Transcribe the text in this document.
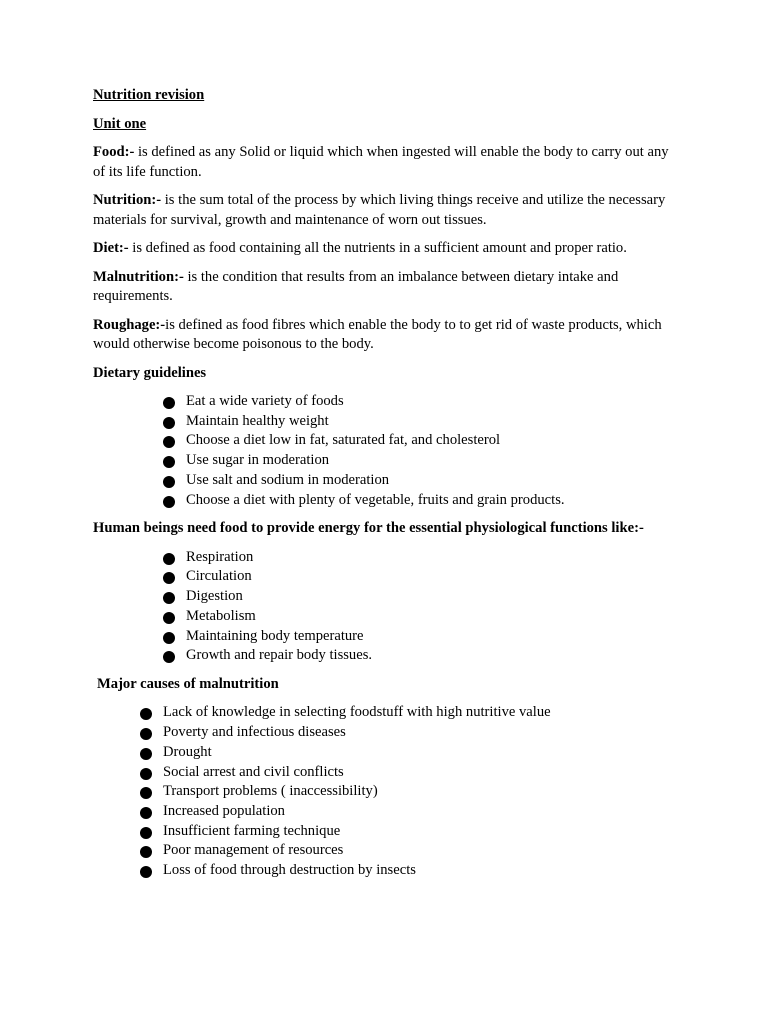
Nutrition revision
Unit one

Food:- is defined as any Solid or liquid which when ingested will enable the body to carry out any of its life function.

Nutrition:- is the sum total of the process by which living things receive and utilize the necessary materials for survival, growth and maintenance of worn out tissues.

Diet:- is defined as food containing all the nutrients in a sufficient amount and proper ratio.

Malnutrition:- is the condition that results from an imbalance between dietary intake and requirements.

Roughage:-is defined as food fibres which enable the body to to get rid of waste products, which would otherwise become poisonous to the body.

Dietary guidelines
Eat a wide variety of foods
Maintain healthy weight
Choose a diet low in fat, saturated fat, and cholesterol
Use sugar in moderation
Use salt and sodium in moderation
Choose a diet with plenty of vegetable, fruits and grain products.
Human beings need food to provide energy for the essential physiological functions like:-
Respiration
Circulation
Digestion
Metabolism
Maintaining body temperature
Growth and repair body tissues.
Major causes of malnutrition
Lack of knowledge in selecting foodstuff with high nutritive value
Poverty and infectious diseases
Drought
Social arrest and civil conflicts
Transport problems ( inaccessibility)
Increased population
Insufficient farming technique
Poor management of resources
Loss of food through destruction by insects
